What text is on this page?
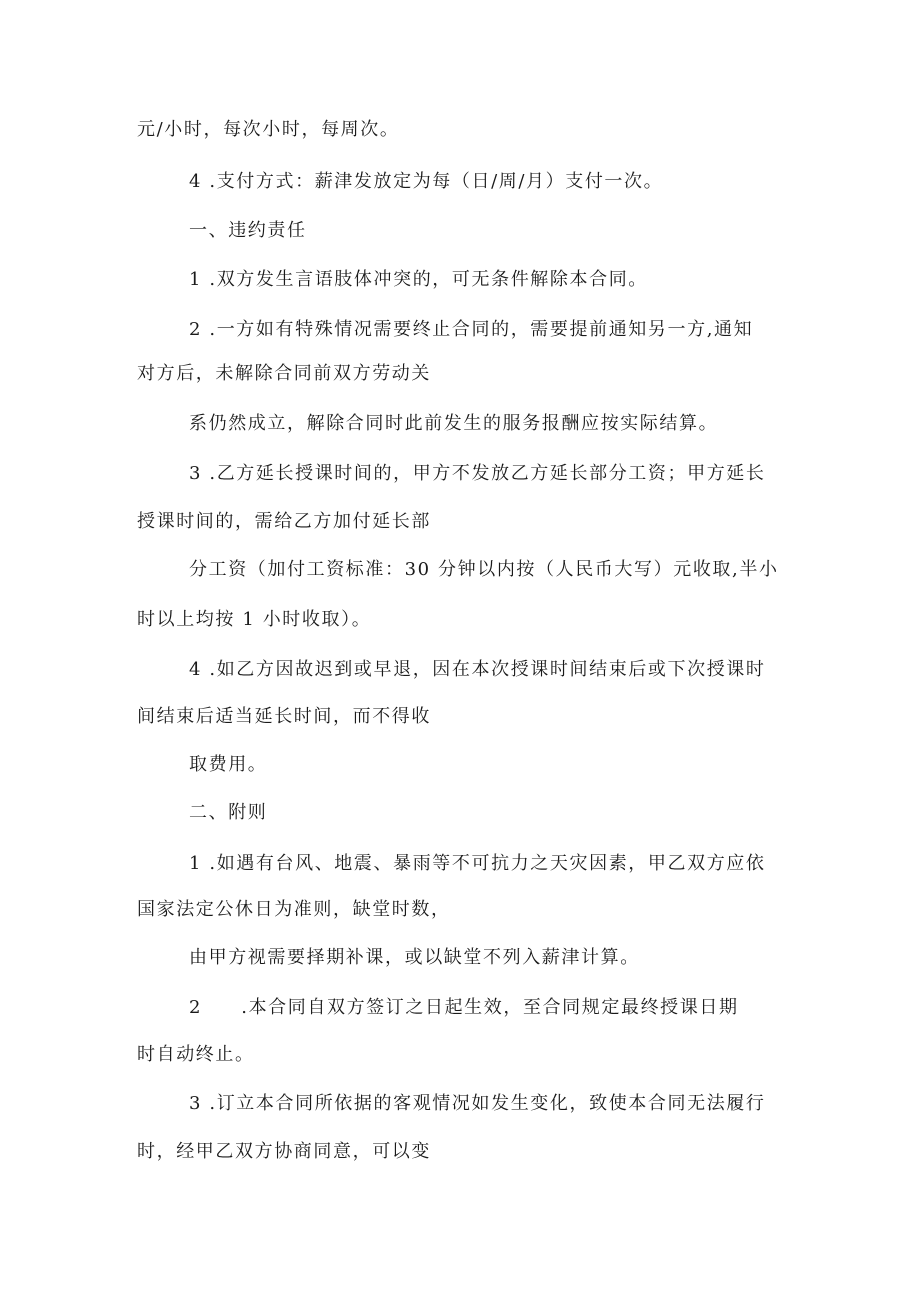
元/小时，每次小时，每周次。
4 .支付方式：薪津发放定为每（日/周/月）支付一次。
一、违约责任
1 .双方发生言语肢体冲突的，可无条件解除本合同。
2 .一方如有特殊情况需要终止合同的，需要提前通知另一方,通知
对方后，未解除合同前双方劳动关
系仍然成立，解除合同时此前发生的服务报酬应按实际结算。
3 .乙方延长授课时间的，甲方不发放乙方延长部分工资；甲方延长
授课时间的，需给乙方加付延长部
分工资（加付工资标准：30 分钟以内按（人民币大写）元收取,半小
时以上均按 1 小时收取）。
4 .如乙方因故迟到或早退，因在本次授课时间结束后或下次授课时
间结束后适当延长时间，而不得收
取费用。
二、附则
1 .如遇有台风、地震、暴雨等不可抗力之天灾因素，甲乙双方应依
国家法定公休日为准则，缺堂时数，
由甲方视需要择期补课，或以缺堂不列入薪津计算。
2　　.本合同自双方签订之日起生效，至合同规定最终授课日期
时自动终止。
3 .订立本合同所依据的客观情况如发生变化，致使本合同无法履行
时，经甲乙双方协商同意，可以变
